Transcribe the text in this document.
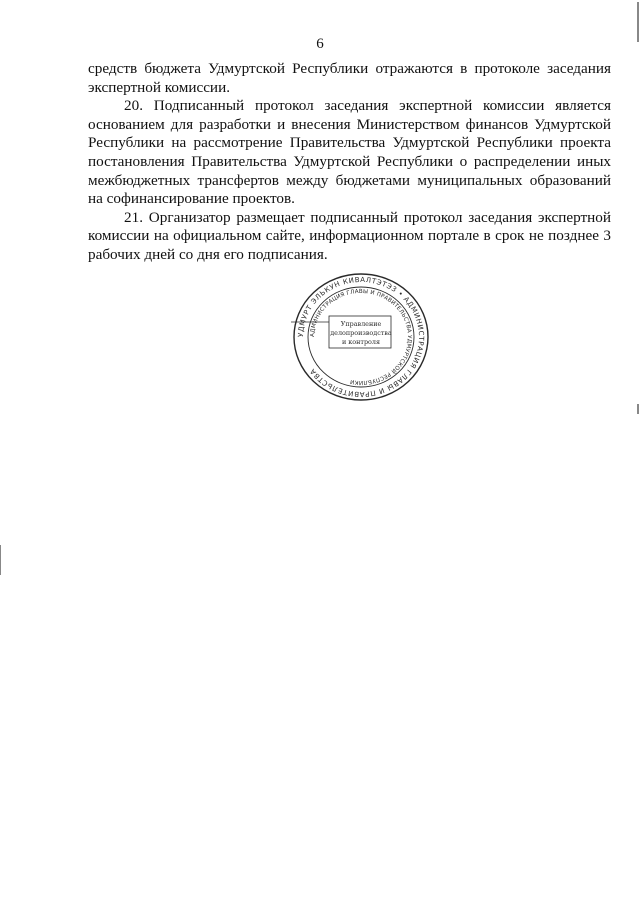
6

средств бюджета Удмуртской Республики отражаются в протоколе заседания экспертной комиссии.

20. Подписанный протокол заседания экспертной комиссии является основанием для разработки и внесения Министерством финансов Удмуртской Республики на рассмотрение Правительства Удмуртской Республики проекта постановления Правительства Удмуртской Республики о распределении иных межбюджетных трансфертов между бюджетами муниципальных образований на софинансирование проектов.

21. Организатор размещает подписанный протокол заседания экспертной комиссии на официальном сайте, информационном портале в срок не позднее 3 рабочих дней со дня его подписания.

УДМУРТ ЭЛЬКУН КИВАЛТЭТЭЗ • АДМИНИСТРАЦИЯ ГЛАВЫ И ПРАВИТЕЛЬСТВА
АДМИНИСТРАЦИЯ ГЛАВЫ И ПРАВИТЕЛЬСТВА УДМУРТСКОЙ РЕСПУБЛИКИ
Управление
делопроизводства
и контроля
